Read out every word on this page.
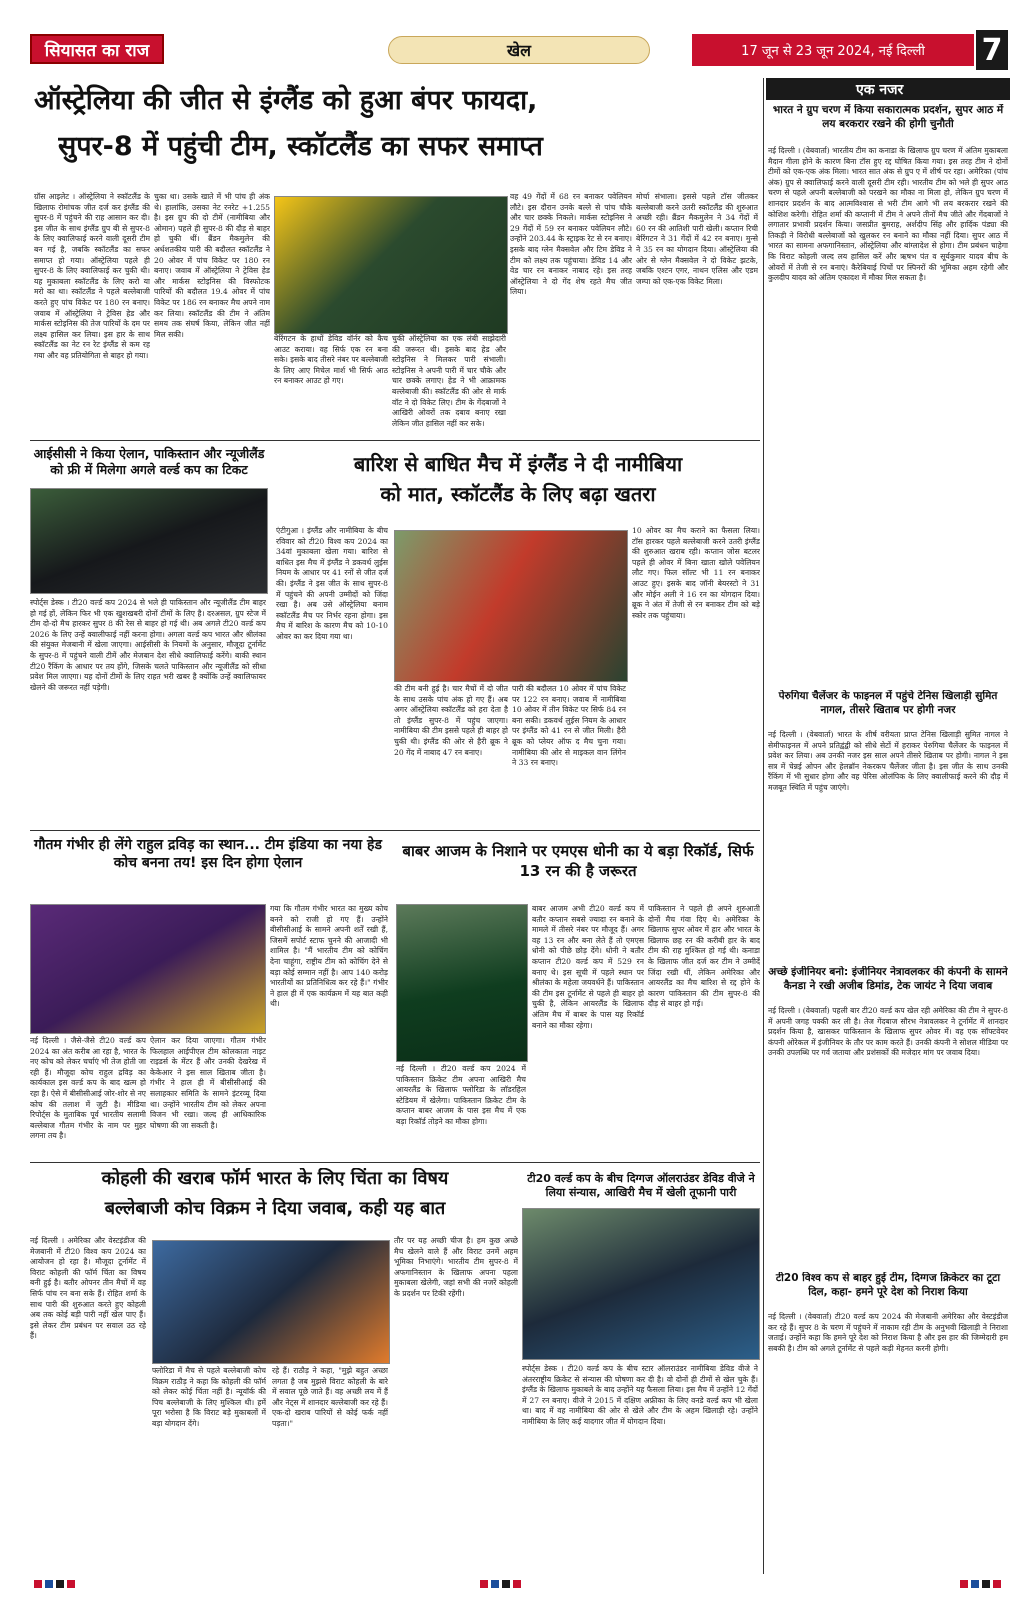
सियासत का राज	खेल	17 जून से 23 जून 2024, नई दिल्ली	7
ऑस्ट्रेलिया की जीत से इंग्लैंड को हुआ बंपर फायदा,
सुपर-8 में पहुंची टीम, स्कॉटलैंड का सफर समाप्त
ग्रॉस आइलेट । ऑस्ट्रेलिया ने स्कॉटलैंड के खिलाफ रोमांचक जीत दर्ज कर इंग्लैंड की सुपर-8 में पहुंचने की राह आसान कर दी। इस जीत के साथ इंग्लैंड ग्रुप बी से सुपर-8 के लिए क्वालिफाई करने वाली दूसरी टीम बन गई है, जबकि स्कॉटलैंड का सफर समाप्त हो गया। ऑस्ट्रेलिया पहले ही सुपर-8 के लिए क्वालिफाई कर चुकी थी। यह मुकाबला स्कॉटलैंड के लिए करो या मरो का था। स्कॉटलैंड ने पहले बल्लेबाजी करते हुए पांच विकेट पर 180 रन बनाए। जवाब में ऑस्ट्रेलिया ने ट्रेविस हेड और मार्कस स्टोइनिस की तेज पारियों के दम पर लक्ष्य हासिल कर लिया। इस हार के साथ स्कॉटलैंड का नेट रन रेट इंग्लैंड से कम रह गया और वह प्रतियोगिता से बाहर हो गया।
चुका था। उसके खाते में भी पांच ही अंक थे। हालांकि, उसका नेट रनरेट +1.255 है। इस ग्रुप की दो टीमें (नामीबिया और ओमान) पहले ही सुपर-8 की दौड़ से बाहर हो चुकी थीं। ब्रैंडन मैकमुलेन की अर्धशतकीय पारी की बदौलत स्कॉटलैंड ने 20 ओवर में पांच विकेट पर 180 रन बनाए। जवाब में ऑस्ट्रेलिया ने ट्रेविस हेड और मार्कस स्टोइनिस की विस्फोटक पारियों की बदौलत 19.4 ओवर में पांच विकेट पर 186 रन बनाकर मैच अपने नाम कर लिया। स्कॉटलैंड की टीम ने अंतिम समय तक संघर्ष किया, लेकिन जीत नहीं मिल सकी।	बेरिंगटन के हाथों डेविड वॉर्नर को कैच आउट कराया। वह सिर्फ एक रन बना सके। इसके बाद तीसरे नंबर पर बल्लेबाजी के लिए आए मिचेल मार्श भी सिर्फ आठ रन बनाकर आउट हो गए।
चुकी ऑस्ट्रेलिया का एक लंबी साझेदारी की जरूरत थी। इसके बाद हेड और स्टोइनिस ने मिलकर पारी संभाली। स्टोइनिस ने अपनी पारी में चार चौके और चार छक्के लगाए। हेड ने भी आक्रामक बल्लेबाजी की। स्कॉटलैंड की ओर से मार्क वॉट ने दो विकेट लिए। टीम के गेंदबाजों ने आखिरी ओवरों तक दबाव बनाए रखा लेकिन जीत हासिल नहीं कर सके।
वह 49 गेंदों में 68 रन बनाकर पवेलियन लौटे। इस दौरान उनके बल्ले से पांच चौके और चार छक्के निकले। मार्कस स्टोइनिस ने 29 गेंदों में 59 रन बनाकर पवेलियन लौटे। उन्होंने 203.44 के स्ट्राइक रेट से रन बनाए। इसके बाद ग्लेन मैक्सवेल और टिम डेविड ने टीम को लक्ष्य तक पहुंचाया। डेविड 14 और वेड चार रन बनाकर नाबाद रहे। इस तरह ऑस्ट्रेलिया ने दो गेंद शेष रहते मैच जीत लिया।
मोर्चा संभाला। इससे पहले टॉस जीतकर बल्लेबाजी करने उतरी स्कॉटलैंड की शुरुआत अच्छी रही। ब्रैंडन मैकमुलेन ने 34 गेंदों में 60 रन की आतिशी पारी खेली। कप्तान रिची बेरिंगटन ने 31 गेंदों में 42 रन बनाए। मुन्से ने 35 रन का योगदान दिया। ऑस्ट्रेलिया की ओर से ग्लेन मैक्सवेल ने दो विकेट झटके, जबकि एश्टन एगर, नाथन एलिस और एडम जम्पा को एक-एक विकेट मिला।
आईसीसी ने किया ऐलान, पाकिस्तान और न्यूजीलैंड को फ्री में मिलेगा अगले वर्ल्ड कप का टिकट
स्पोर्ट्स डेस्क । टी20 वर्ल्ड कप 2024 से भले ही पाकिस्तान और न्यूजीलैंड टीम बाहर हो गई हों, लेकिन फिर भी एक खुशखबरी दोनों टीमों के लिए है। दरअसल, ग्रुप स्टेज में टीम दो-दो मैच हारकर सुपर 8 की रेस से बाहर हो गई थी। अब अगले टी20 वर्ल्ड कप 2026 के लिए उन्हें क्वालीफाई नहीं करना होगा। अगला वर्ल्ड कप भारत और श्रीलंका की संयुक्त मेजबानी में खेला जाएगा। आईसीसी के नियमों के अनुसार, मौजूदा टूर्नामेंट के सुपर-8 में पहुंचने वाली टीमें और मेजबान देश सीधे क्वालिफाई करेंगे। बाकी स्थान टी20 रैंकिंग के आधार पर तय होंगे, जिसके चलते पाकिस्तान और न्यूजीलैंड को सीधा प्रवेश मिल जाएगा। यह दोनों टीमों के लिए राहत भरी खबर है क्योंकि उन्हें क्वालिफायर खेलने की जरूरत नहीं पड़ेगी।
बारिश से बाधित मैच में इंग्लैंड ने दी नामीबिया
को मात, स्कॉटलैंड के लिए बढ़ा खतरा
एंटीगुआ । इंग्लैंड और नामीबिया के बीच रविवार को टी20 विश्व कप 2024 का 34वां मुकाबला खेला गया। बारिश से बाधित इस मैच में इंग्लैंड ने डकवर्थ लुईस नियम के आधार पर 41 रनों से जीत दर्ज की। इंग्लैंड ने इस जीत के साथ सुपर-8 में पहुंचने की अपनी उम्मीदों को जिंदा रखा है। अब उसे ऑस्ट्रेलिया बनाम स्कॉटलैंड मैच पर निर्भर रहना होगा। इस मैच में बारिश के कारण मैच को 10-10 ओवर का कर दिया गया था।
की टीम बनी हुई है। चार मैचों में दो जीत के साथ उसके पांच अंक हो गए हैं। अब अगर ऑस्ट्रेलिया स्कॉटलैंड को हरा देता है तो इंग्लैंड सुपर-8 में पहुंच जाएगा। नामीबिया की टीम इससे पहले ही बाहर हो चुकी थी। इंग्लैंड की ओर से हैरी ब्रूक ने 20 गेंद में नाबाद 47 रन बनाए।
पारी की बदौलत 10 ओवर में पांच विकेट पर 122 रन बनाए। जवाब में नामीबिया 10 ओवर में तीन विकेट पर सिर्फ 84 रन बना सकी। डकवर्थ लुईस नियम के आधार पर इंग्लैंड को 41 रन से जीत मिली। हैरी ब्रूक को प्लेयर ऑफ द मैच चुना गया। नामीबिया की ओर से माइकल वान लिंगेन ने 33 रन बनाए।
10 ओवर का मैच कराने का फैसला लिया। टॉस हारकर पहले बल्लेबाजी करने उतरी इंग्लैंड की शुरुआत खराब रही। कप्तान जोस बटलर पहले ही ओवर में बिना खाता खोले पवेलियन लौट गए। फिल सॉल्ट भी 11 रन बनाकर आउट हुए। इसके बाद जॉनी बेयरस्टो ने 31 और मोईन अली ने 16 रन का योगदान दिया। ब्रूक ने अंत में तेजी से रन बनाकर टीम को बड़े स्कोर तक पहुंचाया।
गौतम गंभीर ही लेंगे राहुल द्रविड़ का स्थान... टीम इंडिया का नया हेड कोच बनना तय! इस दिन होगा ऐलान
नई दिल्ली । जैसे-जैसे टी20 वर्ल्ड कप 2024 का अंत करीब आ रहा है, भारत के नए कोच को लेकर चर्चाएं भी तेज होती जा रही हैं। मौजूदा कोच राहुल द्रविड़ का कार्यकाल इस वर्ल्ड कप के बाद खत्म हो रहा है। ऐसे में बीसीसीआई जोर-शोर से नए कोच की तलाश में जुटी है। मीडिया रिपोर्ट्स के मुताबिक पूर्व भारतीय सलामी बल्लेबाज गौतम गंभीर के नाम पर मुहर लगना तय है।
ऐलान कर दिया जाएगा। गौतम गंभीर फिलहाल आईपीएल टीम कोलकाता नाइट राइडर्स के मेंटर हैं और उनकी देखरेख में केकेआर ने इस साल खिताब जीता है। गंभीर ने हाल ही में बीसीसीआई की सलाहकार समिति के सामने इंटरव्यू दिया था। उन्होंने भारतीय टीम को लेकर अपना विजन भी रखा। जल्द ही आधिकारिक घोषणा की जा सकती है।
गया कि गौतम गंभीर भारत का मुख्य कोच बनने को राजी हो गए हैं। उन्होंने बीसीसीआई के सामने अपनी शर्तें रखी हैं, जिसमें सपोर्ट स्टाफ चुनने की आजादी भी शामिल है। "मैं भारतीय टीम को कोचिंग देना चाहूंगा, राष्ट्रीय टीम को कोचिंग देने से बड़ा कोई सम्मान नहीं है। आप 140 करोड़ भारतीयों का प्रतिनिधित्व कर रहे हैं।" गंभीर ने हाल ही में एक कार्यक्रम में यह बात कही थी।
बाबर आजम के निशाने पर एमएस धोनी का ये बड़ा रिकॉर्ड, सिर्फ 13 रन की है जरूरत
नई दिल्ली । टी20 वर्ल्ड कप 2024 में पाकिस्तान क्रिकेट टीम अपना आखिरी मैच आयरलैंड के खिलाफ फ्लोरिडा के लॉडरहिल स्टेडियम में खेलेगा। पाकिस्तान क्रिकेट टीम के कप्तान बाबर आजम के पास इस मैच में एक बड़ा रिकॉर्ड तोड़ने का मौका होगा।
बाबर आजम अभी टी20 वर्ल्ड कप में बतौर कप्तान सबसे ज्यादा रन बनाने के मामले में तीसरे नंबर पर मौजूद हैं। अगर वह 13 रन और बना लेते हैं तो एमएस धोनी को पीछे छोड़ देंगे। धोनी ने बतौर कप्तान टी20 वर्ल्ड कप में 529 रन बनाए थे। इस सूची में पहले स्थान पर श्रीलंका के महेला जयवर्धने हैं। पाकिस्तान की टीम इस टूर्नामेंट से पहले ही बाहर हो चुकी है, लेकिन आयरलैंड के खिलाफ अंतिम मैच में बाबर के पास यह रिकॉर्ड बनाने का मौका रहेगा।
पाकिस्तान ने पहले ही अपने शुरुआती दोनों मैच गंवा दिए थे। अमेरिका के खिलाफ सुपर ओवर में हार और भारत के खिलाफ छह रन की करीबी हार के बाद टीम की राह मुश्किल हो गई थी। कनाडा के खिलाफ जीत दर्ज कर टीम ने उम्मीदें जिंदा रखी थीं, लेकिन अमेरिका और आयरलैंड का मैच बारिश से रद्द होने के कारण पाकिस्तान की टीम सुपर-8 की दौड़ से बाहर हो गई।
कोहली की खराब फॉर्म भारत के लिए चिंता का विषय
बल्लेबाजी कोच विक्रम ने दिया जवाब, कही यह बात
नई दिल्ली । अमेरिका और वेस्टइंडीज की मेजबानी में टी20 विश्व कप 2024 का आयोजन हो रहा है। मौजूदा टूर्नामेंट में विराट कोहली की फॉर्म चिंता का विषय बनी हुई है। बतौर ओपनर तीन मैचों में वह सिर्फ पांच रन बना सके हैं। रोहित शर्मा के साथ पारी की शुरुआत करते हुए कोहली अब तक कोई बड़ी पारी नहीं खेल पाए हैं। इसे लेकर टीम प्रबंधन पर सवाल उठ रहे हैं।
फ्लोरिडा में मैच से पहले बल्लेबाजी कोच विक्रम राठौड़ ने कहा कि कोहली की फॉर्म को लेकर कोई चिंता नहीं है। न्यूयॉर्क की पिच बल्लेबाजी के लिए मुश्किल थी। हमें पूरा भरोसा है कि विराट बड़े मुकाबलों में बड़ा योगदान देंगे।
रहे हैं। राठौड़ ने कहा, "मुझे बहुत अच्छा लगता है जब मुझसे विराट कोहली के बारे में सवाल पूछे जाते हैं। वह अच्छी लय में हैं और नेट्स में शानदार बल्लेबाजी कर रहे हैं। एक-दो खराब पारियों से कोई फर्क नहीं पड़ता।"
तौर पर यह अच्छी चीज है। हम कुछ अच्छे मैच खेलने वाले हैं और विराट उनमें अहम भूमिका निभाएंगे। भारतीय टीम सुपर-8 में अफगानिस्तान के खिलाफ अपना पहला मुकाबला खेलेगी, जहां सभी की नजरें कोहली के प्रदर्शन पर टिकी रहेंगी।
टी20 वर्ल्ड कप के बीच दिग्गज ऑलराउंडर डेविड वीजे ने लिया संन्यास, आखिरी मैच में खेली तूफानी पारी
स्पोर्ट्स डेस्क । टी20 वर्ल्ड कप के बीच स्टार ऑलराउंडर नामीबिया डेविड वीजे ने अंतरराष्ट्रीय क्रिकेट से संन्यास की घोषणा कर दी है। वो दोनों ही टीमों से खेल चुके हैं। इंग्लैंड के खिलाफ मुकाबले के बाद उन्होंने यह फैसला लिया। इस मैच में उन्होंने 12 गेंदों में 27 रन बनाए। वीजे ने 2015 में दक्षिण अफ्रीका के लिए वनडे वर्ल्ड कप भी खेला था। बाद में वह नामीबिया की ओर से खेले और टीम के अहम खिलाड़ी रहे। उन्होंने नामीबिया के लिए कई यादगार जीत में योगदान दिया।
एक नजर
भारत ने ग्रुप चरण में किया सकारात्मक प्रदर्शन, सुपर आठ में लय बरकरार रखने की होगी चुनौती
नई दिल्ली । (वेबवार्ता) भारतीय टीम का कनाडा के खिलाफ ग्रुप चरण में अंतिम मुकाबला मैदान गीला होने के कारण बिना टॉस हुए रद्द घोषित किया गया। इस तरह टीम ने दोनों टीमों को एक-एक अंक मिला। भारत सात अंक से ग्रुप ए में शीर्ष पर रहा। अमेरिका (पांच अंक) ग्रुप से क्वालिफाई करने वाली दूसरी टीम रही। भारतीय टीम को भले ही सुपर आठ चरण से पहले अपनी बल्लेबाजी को परखने का मौका ना मिला हो, लेकिन ग्रुप चरण में शानदार प्रदर्शन के बाद आत्मविश्वास से भरी टीम आगे भी लय बरकरार रखने की कोशिश करेगी। रोहित शर्मा की कप्तानी में टीम ने अपने तीनों मैच जीते और गेंदबाजों ने लगातार प्रभावी प्रदर्शन किया। जसप्रीत बुमराह, अर्शदीप सिंह और हार्दिक पंड्या की तिकड़ी ने विरोधी बल्लेबाजों को खुलकर रन बनाने का मौका नहीं दिया। सुपर आठ में भारत का सामना अफगानिस्तान, ऑस्ट्रेलिया और बांग्लादेश से होगा। टीम प्रबंधन चाहेगा कि विराट कोहली जल्द लय हासिल करें और ऋषभ पंत व सूर्यकुमार यादव बीच के ओवरों में तेजी से रन बनाएं। कैरेबियाई पिचों पर स्पिनरों की भूमिका अहम रहेगी और कुलदीप यादव को अंतिम एकादश में मौका मिल सकता है।
पेरुगिया चैलेंजर के फाइनल में पहुंचे टेनिस खिलाड़ी सुमित नागल, तीसरे खिताब पर होगी नजर
नई दिल्ली । (वेबवार्ता) भारत के शीर्ष वरीयता प्राप्त टेनिस खिलाड़ी सुमित नागल ने सेमीफाइनल में अपने प्रतिद्वंद्वी को सीधे सेटों में हराकर पेरुगिया चैलेंजर के फाइनल में प्रवेश कर लिया। अब उनकी नजर इस साल अपने तीसरे खिताब पर होगी। नागल ने इस सत्र में चेन्नई ओपन और हेलब्रॉन नेकरकप चैलेंजर जीता है। इस जीत के साथ उनकी रैंकिंग में भी सुधार होगा और वह पेरिस ओलंपिक के लिए क्वालीफाई करने की दौड़ में मजबूत स्थिति में पहुंच जाएंगे।
अच्छे इंजीनियर बनो: इंजीनियर नेत्रावलकर की कंपनी के सामने कैनडा ने रखी अजीब डिमांड, टेक जायंट ने दिया जवाब
नई दिल्ली । (वेबवार्ता) पहली बार टी20 वर्ल्ड कप खेल रही अमेरिका की टीम ने सुपर-8 में अपनी जगह पक्की कर ली है। तेज गेंदबाज सौरभ नेत्रावलकर ने टूर्नामेंट में शानदार प्रदर्शन किया है, खासकर पाकिस्तान के खिलाफ सुपर ओवर में। वह एक सॉफ्टवेयर कंपनी ओरेकल में इंजीनियर के तौर पर काम करते हैं। उनकी कंपनी ने सोशल मीडिया पर उनकी उपलब्धि पर गर्व जताया और प्रशंसकों की मजेदार मांग पर जवाब दिया।
टी20 विश्व कप से बाहर हुई टीम, दिग्गज क्रिकेटर का टूटा दिल, कहा- हमने पूरे देश को निराश किया
नई दिल्ली । (वेबवार्ता) टी20 वर्ल्ड कप 2024 की मेजबानी अमेरिका और वेस्टइंडीज कर रहे हैं। सुपर 8 के चरण में पहुंचने में नाकाम रही टीम के अनुभवी खिलाड़ी ने निराशा जताई। उन्होंने कहा कि हमने पूरे देश को निराश किया है और इस हार की जिम्मेदारी हम सबकी है। टीम को अगले टूर्नामेंट से पहले कड़ी मेहनत करनी होगी।
